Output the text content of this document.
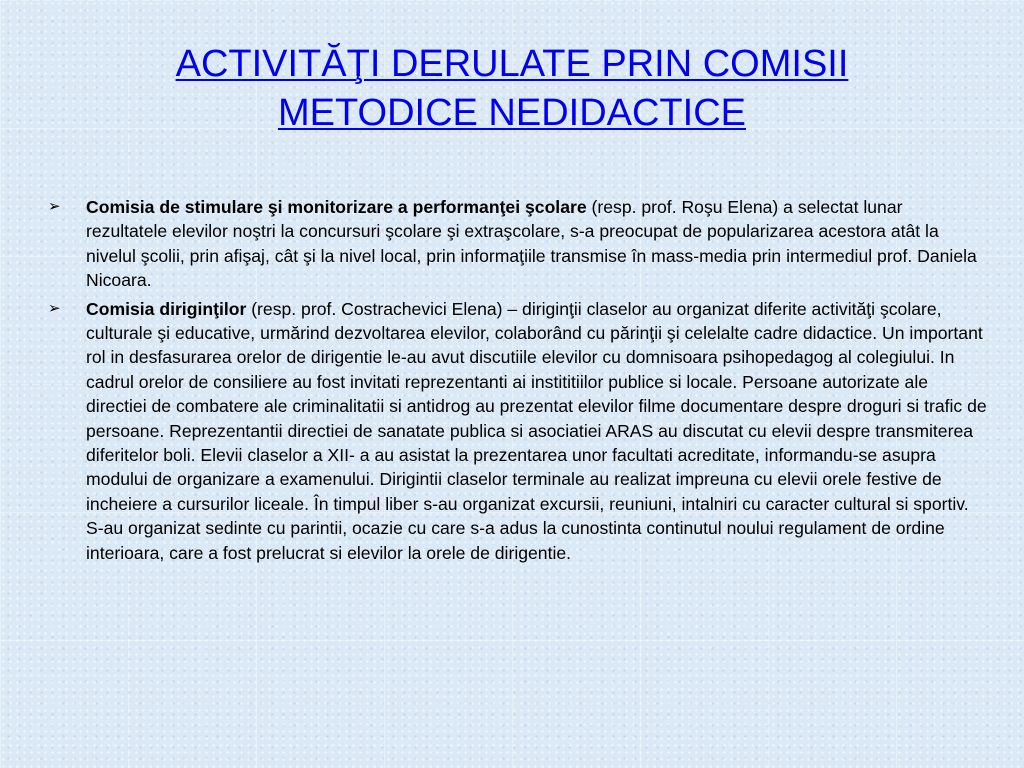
ACTIVITĂŢI DERULATE PRIN COMISII
METODICE NEDIDACTICE
➢	Comisia de stimulare şi monitorizare a performanţei şcolare (resp. prof. Roşu Elena) a selectat lunar rezultatele elevilor noştri la concursuri şcolare şi extraşcolare, s-a preocupat de popularizarea acestora atât la nivelul şcolii, prin afişaj, cât şi la nivel local, prin informaţiile transmise în mass-media prin intermediul prof. Daniela Nicoara.
➢	Comisia diriginţilor (resp. prof. Costrachevici Elena) – diriginţii claselor au organizat diferite activităţi şcolare, culturale şi educative, urmărind dezvoltarea elevilor, colaborând cu părinţii şi celelalte cadre didactice. Un important rol in desfasurarea orelor de dirigentie le-au avut discutiile elevilor cu domnisoara psihopedagog al colegiului. In cadrul orelor de consiliere au fost invitati reprezentanti ai instititiilor publice si locale. Persoane autorizate ale directiei de combatere ale criminalitatii si antidrog au prezentat elevilor filme documentare despre droguri si trafic de persoane. Reprezentantii directiei de sanatate publica si asociatiei ARAS au discutat cu elevii despre transmiterea diferitelor boli. Elevii claselor a XII- a au asistat la prezentarea unor facultati acreditate, informandu-se asupra modului de organizare a examenului. Dirigintii claselor terminale au realizat impreuna cu elevii orele festive de incheiere a cursurilor liceale. În timpul liber s-au organizat excursii, reuniuni, intalniri cu caracter cultural si sportiv. S-au organizat sedinte cu parintii, ocazie cu care s-a adus la cunostinta continutul noului regulament de ordine interioara, care a fost prelucrat si elevilor la orele de dirigentie.
